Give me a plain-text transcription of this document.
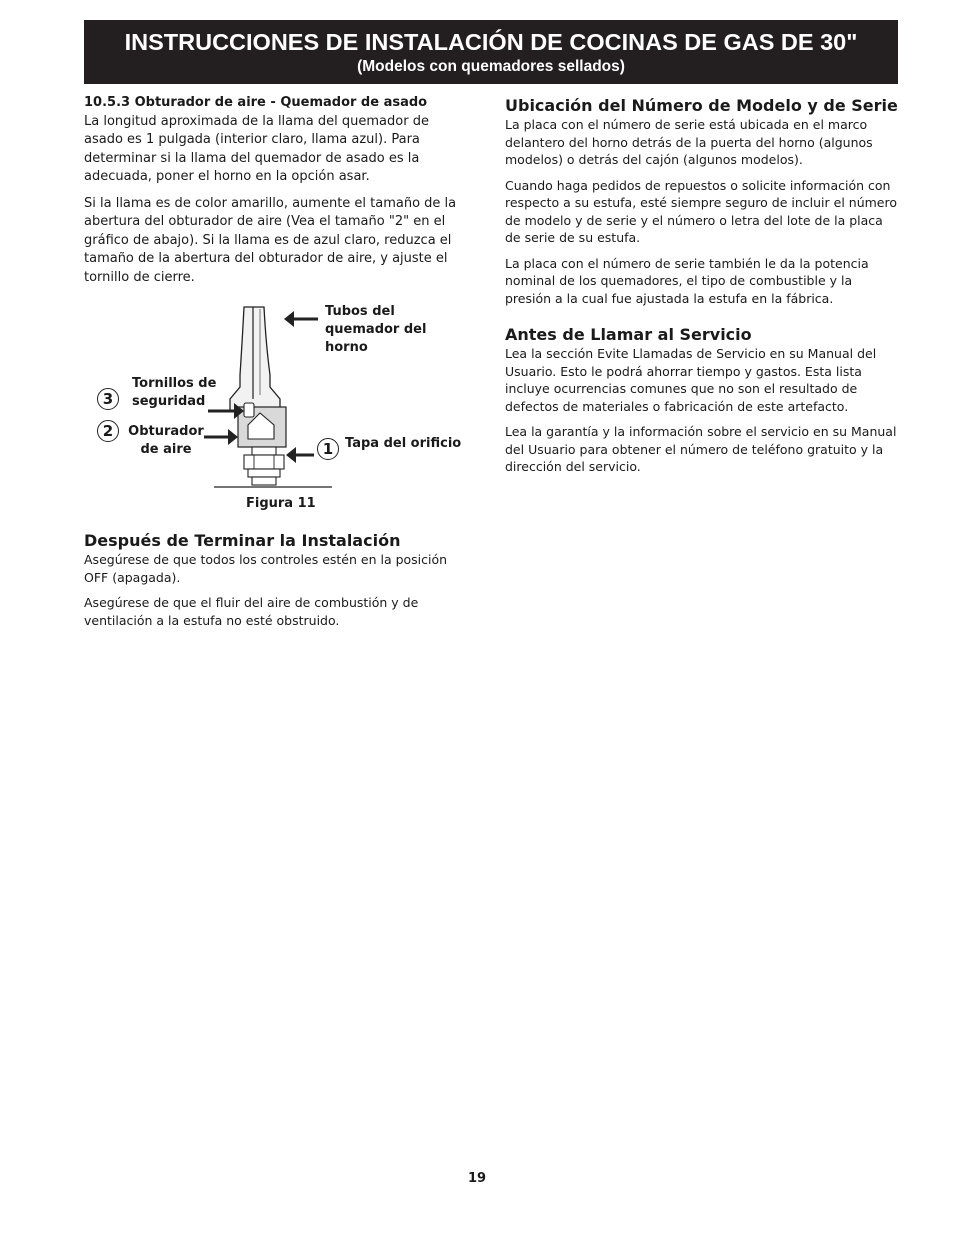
INSTRUCCIONES DE INSTALACIÓN DE COCINAS DE GAS DE 30"
(Modelos con quemadores sellados)
10.5.3 Obturador de aire - Quemador de asado

La longitud aproximada de la llama del quemador de asado es 1 pulgada (interior claro, llama azul). Para determinar si la llama del quemador de asado es la adecuada, poner el horno en la opción asar.

Si la llama es de color amarillo, aumente el tamaño de la abertura del obturador de aire (Vea el tamaño "2" en el gráfico de abajo). Si la llama es de azul claro, reduzca el tamaño de la abertura del obturador de aire, y ajuste el tornillo de cierre.

Tubos del quemador del horno
Tornillos de seguridad
Obturador de aire	Tapa del orificio
3
2
1
Figura 11
Después de Terminar la Instalación

Asegúrese de que todos los controles estén en la posición OFF (apagada).

Asegúrese de que el fluir del aire de combustión y de ventilación a la estufa no esté obstruido.

Ubicación del Número de Modelo y de Serie

La placa con el número de serie está ubicada en el marco delantero del horno detrás de la puerta del horno (algunos modelos) o detrás del cajón (algunos modelos).

Cuando haga pedidos de repuestos o solicite información con respecto a su estufa, esté siempre seguro de incluir el número de modelo y de serie y el número o letra del lote de la placa de serie de su estufa.

La placa con el número de serie también le da la potencia nominal de los quemadores, el tipo de combustible y la presión a la cual fue ajustada la estufa en la fábrica.

Antes de Llamar al Servicio

Lea la sección Evite Llamadas de Servicio en su Manual del Usuario. Esto le podrá ahorrar tiempo y gastos. Esta lista incluye ocurrencias comunes que no son el resultado de defectos de materiales o fabricación de este artefacto.

Lea la garantía y la información sobre el servicio en su Manual del Usuario para obtener el número de teléfono gratuito y la dirección del servicio.

19
